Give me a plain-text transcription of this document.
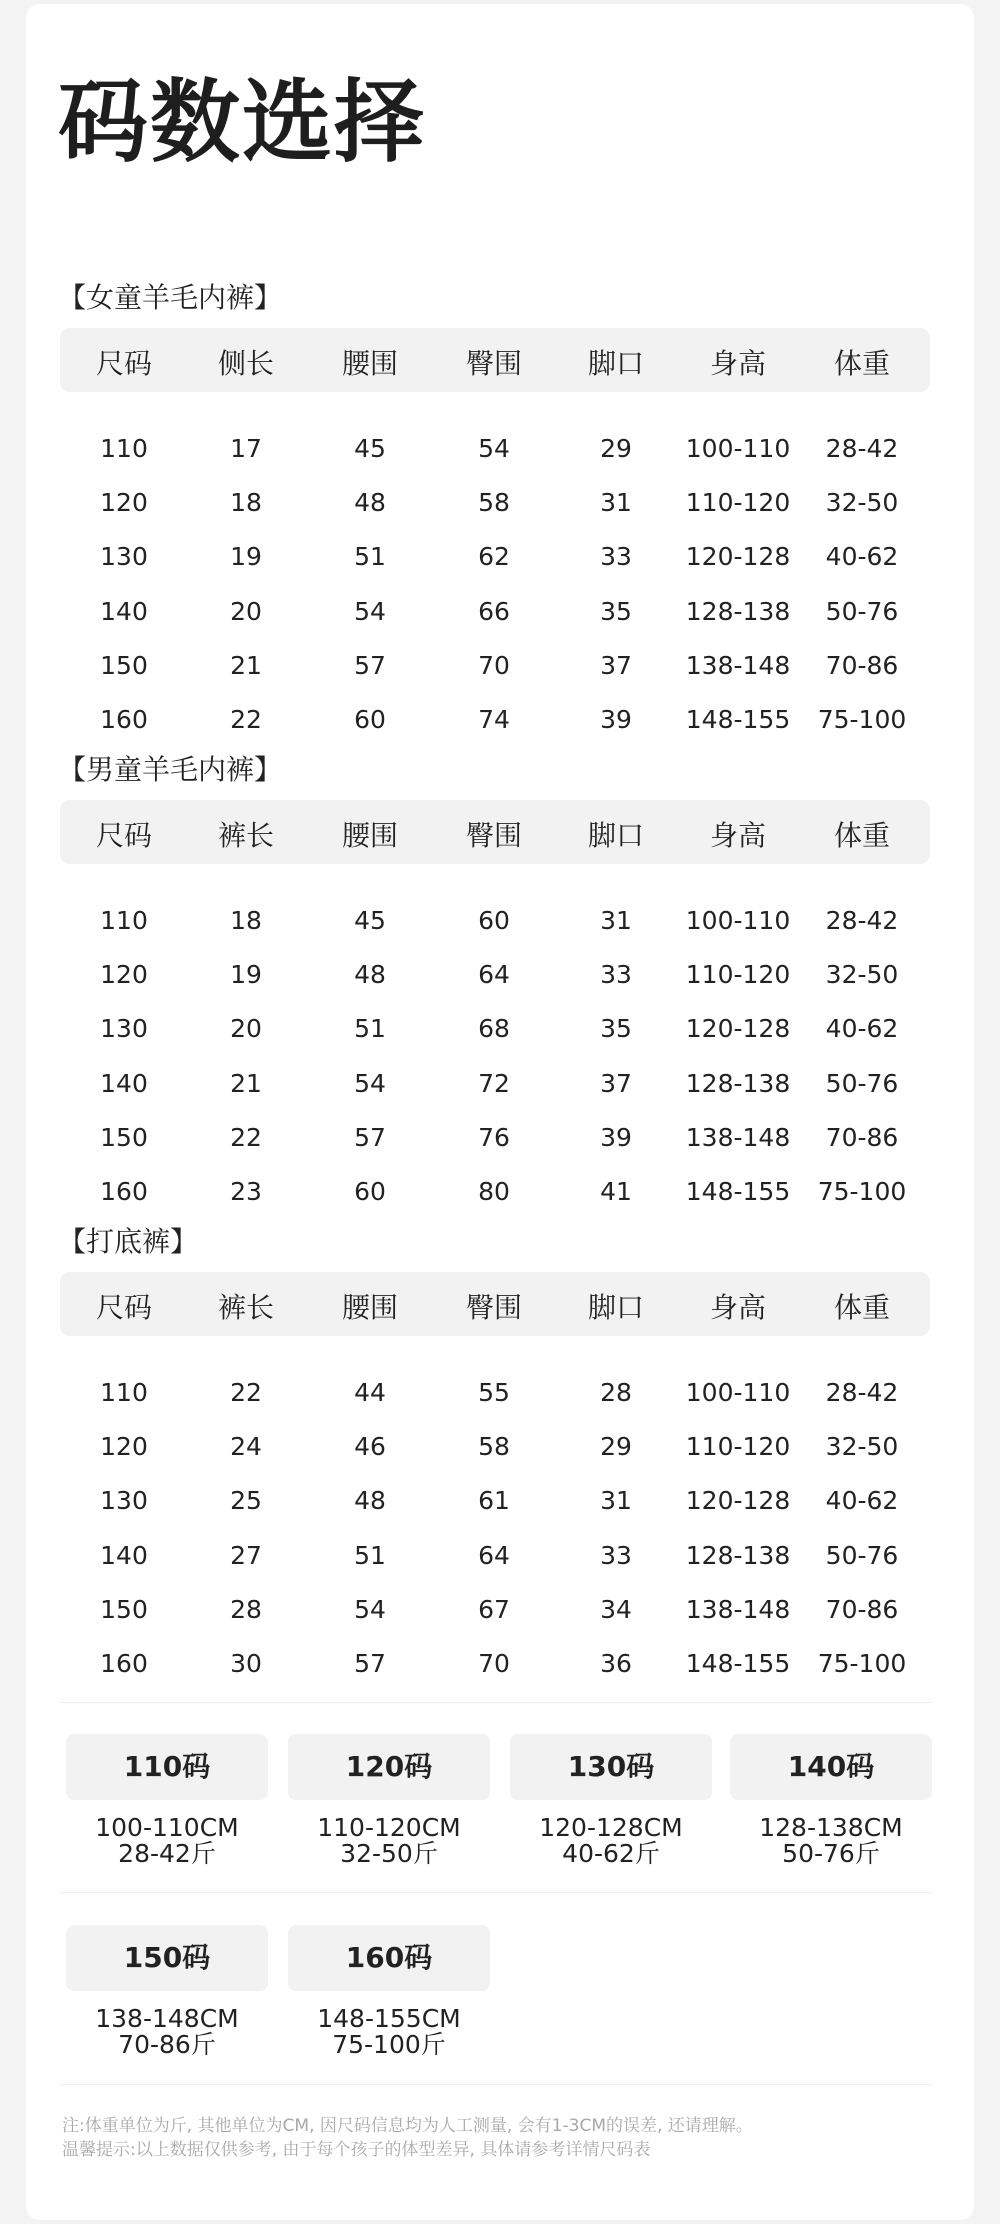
码数选择
【女童羊毛内裤】
尺码	侧长	腰围	臀围	脚口	身高	体重
110	17	45	54	29	100-110	28-42
120	18	48	58	31	110-120	32-50
130	19	51	62	33	120-128	40-62
140	20	54	66	35	128-138	50-76
150	21	57	70	37	138-148	70-86
160	22	60	74	39	148-155	75-100
【男童羊毛内裤】
尺码	裤长	腰围	臀围	脚口	身高	体重
110	18	45	60	31	100-110	28-42
120	19	48	64	33	110-120	32-50
130	20	51	68	35	120-128	40-62
140	21	54	72	37	128-138	50-76
150	22	57	76	39	138-148	70-86
160	23	60	80	41	148-155	75-100
【打底裤】
尺码	裤长	腰围	臀围	脚口	身高	体重
110	22	44	55	28	100-110	28-42
120	24	46	58	29	110-120	32-50
130	25	48	61	31	120-128	40-62
140	27	51	64	33	128-138	50-76
150	28	54	67	34	138-148	70-86
160	30	57	70	36	148-155	75-100
110码
100-110CM
28-42斤
120码
110-120CM
32-50斤
130码
120-128CM
40-62斤
140码
128-138CM
50-76斤
150码
138-148CM
70-86斤
160码
148-155CM
75-100斤
注:体重单位为斤, 其他单位为CM, 因尺码信息均为人工测量, 会有1-3CM的误差, 还请理解。
温馨提示:以上数据仅供参考, 由于每个孩子的体型差异, 具体请参考详情尺码表
